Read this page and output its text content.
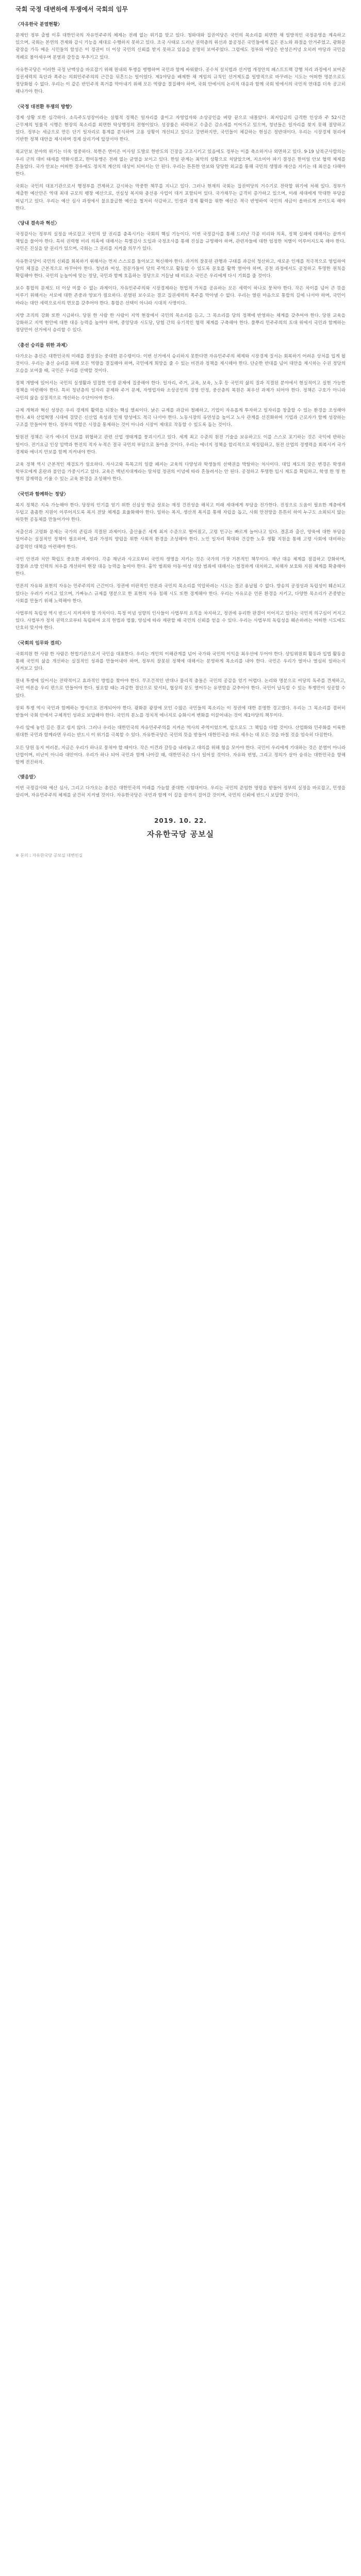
국회 국정 대변하에 투쟁에서 국회의 임무
〈자유한국 분열현황〉

문재인 정부 출범 이후 대한민국의 자유민주주의 체제는 전례 없는 위기를 맞고 있다. 청와대와 집권여당은 국민의 목소리를 외면한 채 일방적인 국정운영을 계속하고 있으며, 국회는 본연의 견제와 감시 기능을 제대로 수행하지 못하고 있다. 조국 사태로 드러난 권력층의 위선과 불공정은 국민들에게 깊은 분노와 좌절을 안겨주었고, 광화문 광장을 가득 메운 시민들의 함성은 이 정권이 더 이상 국민의 신뢰를 받지 못하고 있음을 분명히 보여주었다. 그럼에도 정부와 여당은 반성은커녕 오히려 야당과 국민을 적폐로 몰아세우며 분열과 갈등을 부추기고 있다.

자유한국당은 이러한 국정 난맥상을 바로잡기 위해 원내외 투쟁을 병행하며 국민과 함께 싸워왔다. 공수처 설치법과 선거법 개정안의 패스트트랙 강행 처리 과정에서 보여준 집권세력의 독단과 폭주는 의회민주주의의 근간을 뒤흔드는 일이었다. 제1야당을 배제한 채 게임의 규칙인 선거제도를 일방적으로 바꾸려는 시도는 어떠한 명분으로도 정당화될 수 없다. 우리는 이 같은 반민주적 폭거를 막아내기 위해 모든 역량을 결집해야 하며, 국회 안에서의 논리적 대응과 함께 국회 밖에서의 국민적 연대를 더욱 공고히 해나가야 한다.

〈국정 대전환 투쟁의 방향〉

경제 상황 또한 심각하다. 소득주도성장이라는 실험적 정책은 일자리를 줄이고 자영업자와 소상공인을 벼랑 끝으로 내몰았다. 최저임금의 급격한 인상과 주 52시간 근무제의 일률적 시행은 현장의 목소리를 외면한 탁상행정의 전형이었다. 성장률은 하락하고 수출은 감소세를 이어가고 있으며, 청년들은 일자리를 찾지 못해 절망하고 있다. 정부는 세금으로 만든 단기 일자리로 통계를 분식하며 고용 상황이 개선되고 있다고 강변하지만, 국민들이 체감하는 현실은 정반대이다. 우리는 시장경제 원리에 기반한 정책 대안을 제시하며 경제 살리기에 앞장서야 한다.

외교안보 분야의 위기는 더욱 엄중하다. 북한은 연이은 미사일 도발로 한반도의 긴장을 고조시키고 있음에도 정부는 이를 축소하거나 외면하고 있다. 9·19 남북군사합의는 우리 군의 대비 태세를 약화시켰고, 한미동맹은 전례 없는 균열을 보이고 있다. 한일 관계는 최악의 상황으로 치달았으며, 지소미아 파기 결정은 한미일 안보 협력 체제를 흔들었다. 국가 안보는 어떠한 경우에도 정치적 계산의 대상이 되어서는 안 된다. 우리는 튼튼한 안보와 당당한 외교를 통해 국민의 생명과 재산을 지키는 데 최선을 다해야 한다.

국회는 국민의 대표기관으로서 행정부를 견제하고 감시하는 막중한 책무를 지니고 있다. 그러나 현재의 국회는 집권여당의 거수기로 전락할 위기에 처해 있다. 정부가 제출한 예산안은 역대 최대 규모의 팽창 예산으로, 선심성 복지와 총선용 사업이 대거 포함되어 있다. 국가채무는 급격히 증가하고 있으며, 미래 세대에게 막대한 부담을 떠넘기고 있다. 우리는 예산 심사 과정에서 불요불급한 예산을 철저히 삭감하고, 민생과 경제 활력을 위한 예산은 적극 반영하여 국민의 세금이 올바르게 쓰이도록 해야 한다.

〈당내 결속과 혁신〉

국정감사는 정부의 실정을 바로잡고 국민의 알 권리를 충족시키는 국회의 핵심 기능이다. 이번 국정감사를 통해 드러난 각종 비리와 의혹, 정책 실패에 대해서는 끝까지 책임을 물어야 한다. 특히 권력형 비리 의혹에 대해서는 특별검사 도입과 국정조사를 통해 진실을 규명해야 하며, 관련자들에 대한 엄정한 처벌이 이루어지도록 해야 한다. 국민은 진실을 알 권리가 있으며, 국회는 그 권리를 지켜줄 의무가 있다.

자유한국당이 국민의 신뢰를 회복하기 위해서는 먼저 스스로를 돌아보고 혁신해야 한다. 과거의 잘못된 관행과 구태를 과감히 청산하고, 새로운 인재를 적극적으로 영입하여 당의 체질을 근본적으로 바꾸어야 한다. 청년과 여성, 전문가들이 당의 주역으로 활동할 수 있도록 문호를 활짝 열어야 하며, 공천 과정에서도 공정하고 투명한 원칙을 확립해야 한다. 국민의 눈높이에 맞는 정당, 국민과 함께 호흡하는 정당으로 거듭날 때 비로소 국민은 우리에게 다시 기회를 줄 것이다.

보수 통합의 문제도 더 이상 미룰 수 없는 과제이다. 자유민주주의와 시장경제라는 헌법적 가치를 공유하는 모든 세력이 하나로 뭉쳐야 한다. 작은 차이를 넘어 큰 뜻을 이루기 위해서는 서로에 대한 존중과 양보가 필요하다. 분열된 보수로는 결코 집권세력의 폭주를 막아낼 수 없다. 우리는 열린 마음으로 통합의 길에 나서야 하며, 국민이 바라는 대안 세력으로서의 면모를 갖추어야 한다. 통합은 선택이 아니라 시대적 사명이다.

지방 조직의 강화 또한 시급하다. 당원 한 사람 한 사람이 지역 현장에서 국민의 목소리를 듣고, 그 목소리를 당의 정책에 반영하는 체계를 갖추어야 한다. 당원 교육을 강화하고 지역 현안에 대한 대응 능력을 높여야 하며, 중앙당과 시도당, 당협 간의 유기적인 협력 체계를 구축해야 한다. 풀뿌리 민주주의의 토대 위에서 국민과 함께하는 정당만이 선거에서 승리할 수 있다.

〈총선 승리를 위한 과제〉

다가오는 총선은 대한민국의 미래를 결정짓는 중대한 분수령이다. 이번 선거에서 승리하지 못한다면 자유민주주의 체제와 시장경제 질서는 회복하기 어려운 상처를 입게 될 것이다. 우리는 총선 승리를 위해 모든 역량을 결집해야 하며, 국민에게 희망을 줄 수 있는 비전과 정책을 제시해야 한다. 단순한 반대를 넘어 대안을 제시하는 수권 정당의 모습을 보여줄 때, 국민은 우리를 선택할 것이다.

정책 개발에 있어서는 국민의 실생활과 밀접한 민생 문제에 집중해야 한다. 일자리, 주거, 교육, 보육, 노후 등 국민의 삶의 질과 직결된 분야에서 현실적이고 실현 가능한 정책을 마련해야 한다. 특히 청년층의 일자리 문제와 주거 문제, 자영업자와 소상공인의 경영 안정, 중산층의 복원은 최우선 과제가 되어야 한다. 정책은 구호가 아니라 국민의 삶을 실질적으로 개선하는 수단이어야 한다.

규제 개혁과 혁신 성장은 우리 경제의 활력을 되찾는 핵심 열쇠이다. 낡은 규제를 과감히 철폐하고, 기업이 자유롭게 투자하고 일자리를 창출할 수 있는 환경을 조성해야 한다. 4차 산업혁명 시대에 걸맞은 신산업 육성과 인재 양성에도 적극 나서야 한다. 노동시장의 유연성을 높이고 노사 관계를 선진화하여 기업과 근로자가 함께 성장하는 구조를 만들어야 한다. 정부의 역할은 시장을 통제하는 것이 아니라 시장이 제대로 작동할 수 있도록 돕는 것이다.

탈원전 정책은 국가 에너지 안보를 위협하고 관련 산업 생태계를 붕괴시키고 있다. 세계 최고 수준의 원전 기술을 보유하고도 이를 스스로 포기하는 것은 국익에 반하는 일이다. 전기요금 인상 압박과 한전의 적자 누적은 결국 국민의 부담으로 돌아올 것이다. 우리는 에너지 정책을 합리적으로 재정립하고, 원전 산업의 경쟁력을 회복시켜 국가 경제와 에너지 안보를 함께 지켜내야 한다.

교육 정책 역시 근본적인 재검토가 필요하다. 자사고와 특목고의 일괄 폐지는 교육의 다양성과 학생들의 선택권을 박탈하는 처사이다. 대입 제도의 잦은 변경은 학생과 학부모에게 혼란과 불안을 가중시키고 있다. 교육은 백년지대계라는 말처럼 정권의 이념에 따라 흔들려서는 안 된다. 공정하고 투명한 입시 제도를 확립하고, 학생 한 명 한 명의 잠재력을 키울 수 있는 교육 환경을 조성해야 한다.

〈국민과 함께하는 정당〉

복지 정책은 지속 가능해야 한다. 당장의 인기를 얻기 위한 선심성 현금 살포는 재정 건전성을 해치고 미래 세대에게 부담을 전가한다. 진정으로 도움이 필요한 계층에게 두텁고 촘촘한 지원이 이루어지도록 복지 전달 체계를 효율화해야 한다. 일하는 복지, 생산적 복지를 통해 자립을 돕고, 사회 안전망을 튼튼히 하여 누구도 소외되지 않는 따뜻한 공동체를 만들어가야 한다.

저출산과 고령화 문제는 국가의 존립과 직결된 과제이다. 출산율은 세계 최저 수준으로 떨어졌고, 고령 인구는 빠르게 늘어나고 있다. 결혼과 출산, 양육에 대한 부담을 덜어주는 실질적인 정책이 필요하며, 일과 가정의 양립을 위한 사회적 환경을 조성해야 한다. 노인 일자리 확대와 건강한 노후 생활 지원을 통해 고령 사회에 대비하는 종합적인 대책을 마련해야 한다.

국민 안전과 치안 확립도 중요한 과제이다. 각종 재난과 사고로부터 국민의 생명을 지키는 것은 국가의 가장 기본적인 책무이다. 재난 대응 체계를 점검하고 강화하며, 경찰과 소방 인력의 처우를 개선하여 현장 대응 능력을 높여야 한다. 흉악 범죄와 아동·여성 대상 범죄에 대해서는 엄정하게 대처하고, 피해자 보호와 지원 체계를 확충해야 한다.

언론의 자유와 표현의 자유는 민주주의의 근간이다. 정권에 비판적인 언론과 국민의 목소리를 억압하려는 시도는 결코 용납될 수 없다. 방송의 공정성과 독립성이 훼손되고 있다는 우려가 커지고 있으며, 가짜뉴스 규제를 명분으로 한 표현의 자유 침해 시도 또한 경계해야 한다. 우리는 자유로운 언론 환경을 지키고, 다양한 목소리가 존중받는 사회를 만들기 위해 노력해야 한다.

사법부의 독립성 역시 반드시 지켜져야 할 가치이다. 특정 이념 성향의 인사들이 사법부의 요직을 차지하고, 정권에 유리한 판결이 이어지고 있다는 국민적 의구심이 커지고 있다. 사법부가 정치 권력으로부터 독립하여 오직 헌법과 법률, 양심에 따라 재판할 때 국민의 신뢰를 얻을 수 있다. 우리는 사법부의 독립성을 훼손하려는 어떠한 시도에도 단호히 맞서야 한다.

〈국회의 임무와 결의〉

국회의원 한 사람 한 사람은 헌법기관으로서 국민을 대표한다. 우리는 개인의 이해관계를 넘어 국가와 국민의 이익을 최우선에 두어야 한다. 상임위원회 활동과 입법 활동을 통해 국민의 삶을 개선하는 실질적인 성과를 만들어내야 하며, 정부의 잘못된 정책에 대해서는 분명하게 목소리를 내야 한다. 국민은 우리가 얼마나 열심히 일하는지 지켜보고 있다.

원내 투쟁에 있어서는 전략적이고 효과적인 방법을 찾아야 한다. 무조건적인 반대나 물리적 충돌은 국민의 공감을 얻기 어렵다. 논리와 명분으로 여당의 독주를 견제하고, 국민 여론을 우리 편으로 만들어야 한다. 필요할 때는 과감한 결단으로 맞서되, 협상의 문도 열어두는 유연함을 갖추어야 한다. 국민이 납득할 수 있는 투쟁만이 성공할 수 있다.

장외 투쟁 역시 국민과 함께하는 방식으로 전개되어야 한다. 광화문 광장에 모인 수많은 국민들의 목소리는 이 정권에 대한 분명한 경고였다. 우리는 그 목소리를 겸허히 받들어 국회 안에서 구체적인 성과로 보답해야 한다. 국민의 분노를 정치적 에너지로 승화시켜 변화를 이끌어내는 것이 제1야당의 책무이다.

우리 앞에 놓인 길은 결코 쉽지 않다. 그러나 우리는 대한민국의 자유민주주의를 지켜온 역사의 주역이었으며, 앞으로도 그 책임을 다할 것이다. 산업화와 민주화를 이룩한 위대한 국민과 함께라면 우리는 반드시 이 위기를 극복할 수 있다. 자유한국당은 국민의 뜻을 받들어 대한민국을 바로 세우는 데 모든 것을 바칠 것을 엄숙히 다짐한다.

모든 당원 동지 여러분, 지금은 우리가 하나로 뭉쳐야 할 때이다. 작은 이견과 갈등을 내려놓고 대의를 위해 힘을 모아야 한다. 국민이 우리에게 기대하는 것은 분열이 아니라 단합이며, 비난이 아니라 대안이다. 우리가 하나 되어 국민과 함께 나아갈 때, 대한민국은 다시 일어설 것이다. 자유와 번영, 그리고 정의가 살아 숨쉬는 대한민국을 향해 함께 전진하자.

〈맺음말〉

이번 국정감사와 예산 심사, 그리고 다가오는 총선은 대한민국의 미래를 가늠할 중대한 시험대이다. 우리는 국민의 준엄한 명령을 받들어 정부의 실정을 바로잡고, 민생을 살리며, 자유민주주의 체제를 굳건히 지켜낼 것이다. 자유한국당은 국민과 함께 이 길을 끝까지 걸어갈 것이며, 국민의 신뢰에 반드시 보답할 것이다.

2019. 10. 22.
자유한국당 공보실
※ 문의 : 자유한국당 공보실 대변인실
